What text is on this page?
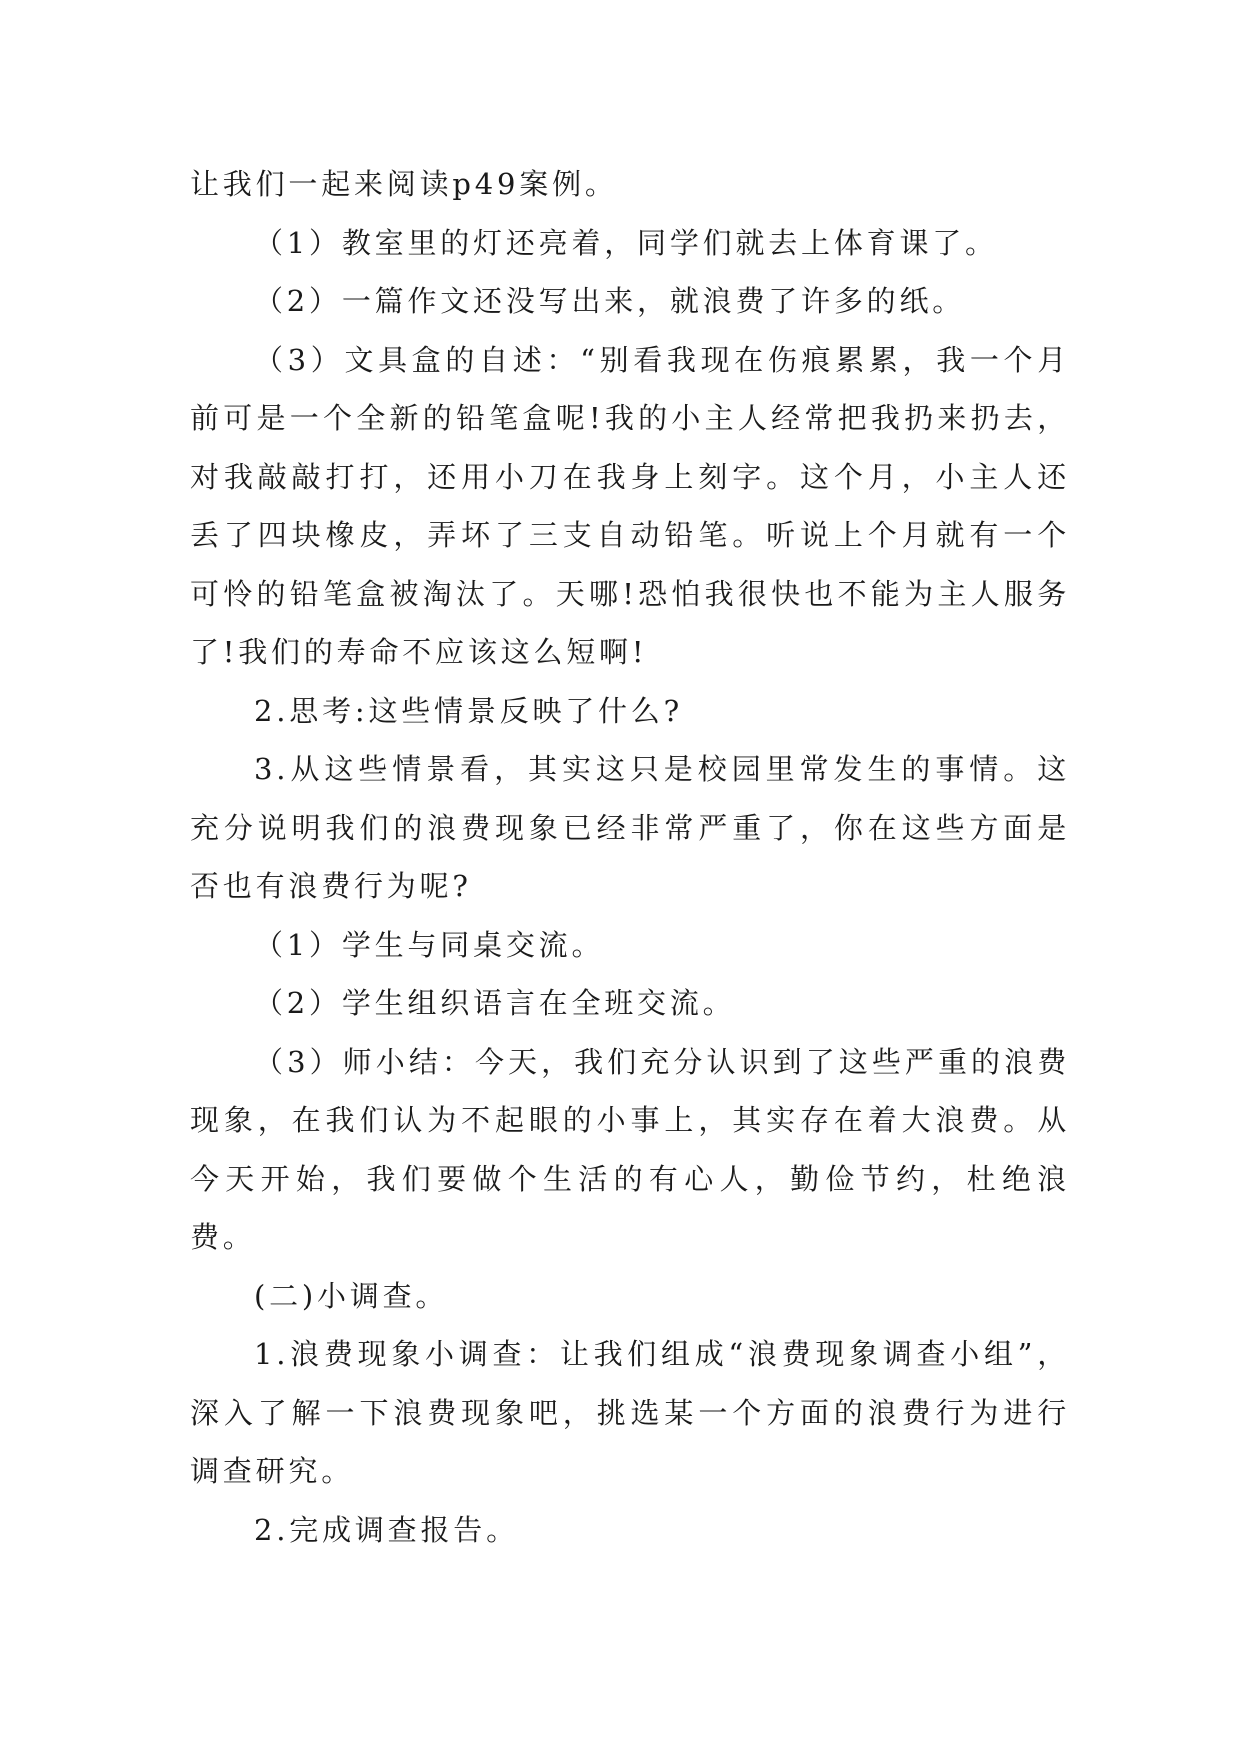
让我们一起来阅读p49案例。

（1）教室里的灯还亮着，同学们就去上体育课了。

（2）一篇作文还没写出来，就浪费了许多的纸。

（3）文具盒的自述：“别看我现在伤痕累累，我一个月前可是一个全新的铅笔盒呢!我的小主人经常把我扔来扔去，对我敲敲打打，还用小刀在我身上刻字。这个月，小主人还丢了四块橡皮，弄坏了三支自动铅笔。听说上个月就有一个可怜的铅笔盒被淘汰了。天哪!恐怕我很快也不能为主人服务了!我们的寿命不应该这么短啊!

2.思考:这些情景反映了什么?

3.从这些情景看，其实这只是校园里常发生的事情。这充分说明我们的浪费现象已经非常严重了，你在这些方面是否也有浪费行为呢?

（1）学生与同桌交流。

（2）学生组织语言在全班交流。

（3）师小结：今天，我们充分认识到了这些严重的浪费现象，在我们认为不起眼的小事上，其实存在着大浪费。从今天开始，我们要做个生活的有心人，勤俭节约，杜绝浪费。

(二)小调查。

1.浪费现象小调查：让我们组成“浪费现象调查小组”，深入了解一下浪费现象吧，挑选某一个方面的浪费行为进行调查研究。

2.完成调查报告。
